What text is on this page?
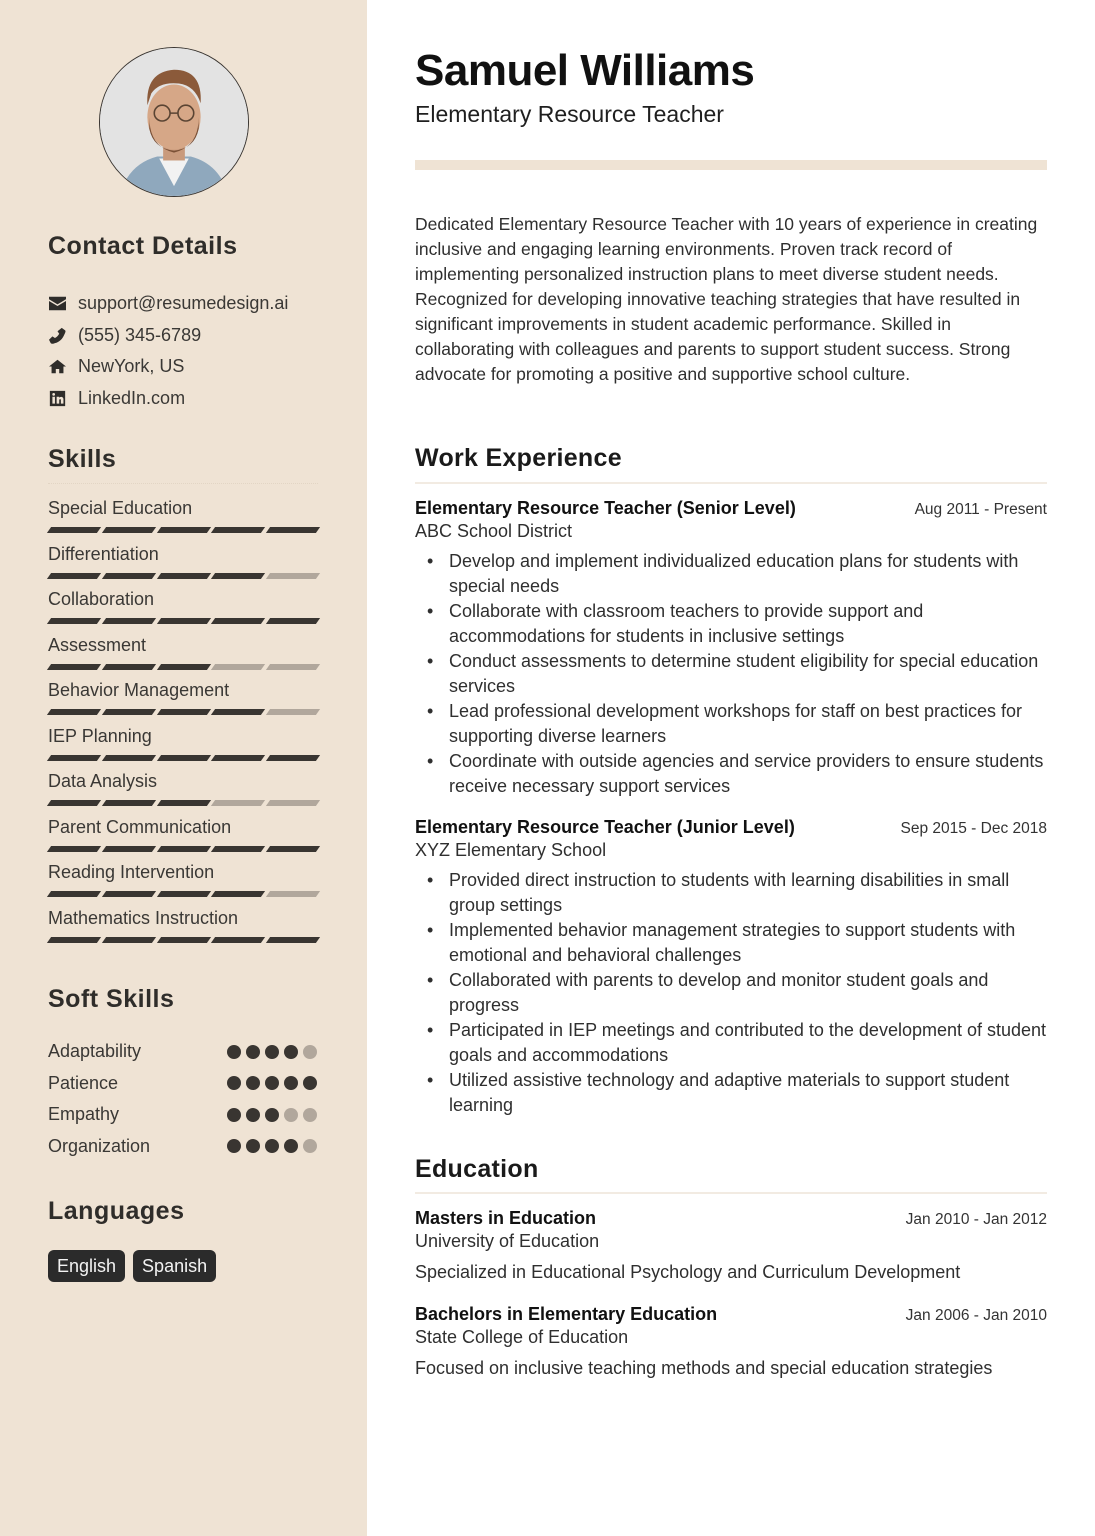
Contact Details
support@resumedesign.ai
(555) 345-6789
NewYork, US
LinkedIn.com
Skills
Special Education
Differentiation
Collaboration
Assessment
Behavior Management
IEP Planning
Data Analysis
Parent Communication
Reading Intervention
Mathematics Instruction
Soft Skills
Adaptability
Patience
Empathy
Organization
Languages
English	Spanish
Samuel Williams
Elementary Resource Teacher

Dedicated Elementary Resource Teacher with 10 years of experience in creating inclusive and engaging learning environments. Proven track record of implementing personalized instruction plans to meet diverse student needs. Recognized for developing innovative teaching strategies that have resulted in significant improvements in student academic performance. Skilled in collaborating with colleagues and parents to support student success. Strong advocate for promoting a positive and supportive school culture.

Work Experience
Elementary Resource Teacher (Senior Level)	Aug 2011 - Present
ABC School District
• Develop and implement individualized education plans for students with special needs
• Collaborate with classroom teachers to provide support and accommodations for students in inclusive settings
• Conduct assessments to determine student eligibility for special education services
• Lead professional development workshops for staff on best practices for supporting diverse learners
• Coordinate with outside agencies and service providers to ensure students receive necessary support services
Elementary Resource Teacher (Junior Level)	Sep 2015 - Dec 2018
XYZ Elementary School
• Provided direct instruction to students with learning disabilities in small group settings
• Implemented behavior management strategies to support students with emotional and behavioral challenges
• Collaborated with parents to develop and monitor student goals and progress
• Participated in IEP meetings and contributed to the development of student goals and accommodations
• Utilized assistive technology and adaptive materials to support student learning
Education
Masters in Education	Jan 2010 - Jan 2012
University of Education
Specialized in Educational Psychology and Curriculum Development
Bachelors in Elementary Education	Jan 2006 - Jan 2010
State College of Education
Focused on inclusive teaching methods and special education strategies
